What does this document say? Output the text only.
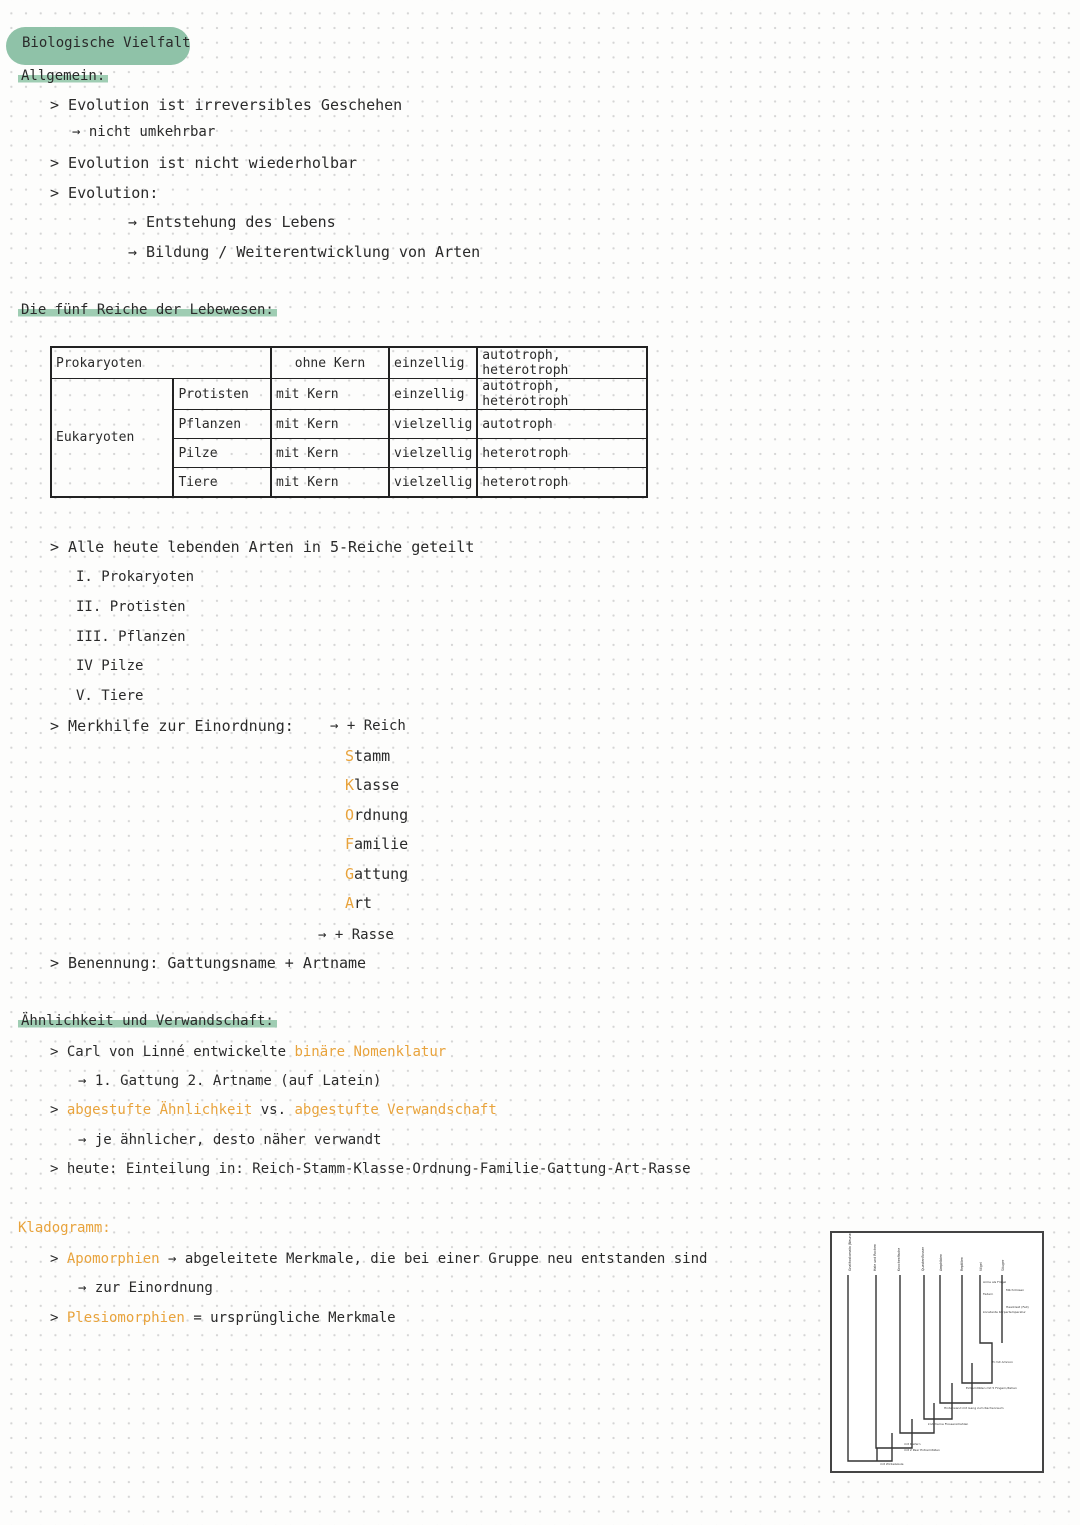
Biologische Vielfalt
Allgemein:
> Evolution ist irreversibles Geschehen
→ nicht umkehrbar
> Evolution ist nicht wiederholbar
> Evolution:
→ Entstehung des Lebens
→ Bildung / Weiterentwicklung von Arten
Die fünf Reiche der Lebewesen:
Prokaryoten		ohne Kern	einzellig	autotroph, heterotroph
Eukaryoten	Protisten	mit Kern	einzellig	autotroph, heterotroph
	Pflanzen	mit Kern	vielzellig	autotroph
	Pilze	mit Kern	vielzellig	heterotroph
	Tiere	mit Kern	vielzellig	heterotroph
> Alle heute lebenden Arten in 5-Reiche geteilt
I. Prokaryoten
II. Protisten
III. Pflanzen
IV Pilze
V. Tiere
> Merkhilfe zur Einordnung:	→ + Reich
Stamm
Klasse
Ordnung
Familie
Gattung
Art
→ + Rasse
> Benennung: Gattungsname + Artname
Ähnlichkeit und Verwandschaft:
> Carl von Linné entwickelte binäre Nomenklatur
→ 1. Gattung 2. Artname (auf Latein)
> abgestufte Ähnlichkeit vs. abgestufte Verwandschaft
→ je ähnlicher, desto näher verwandt
> heute: Einteilung in: Reich-Stamm-Klasse-Ordnung-Familie-Gattung-Art-Rasse
Kladogramm:
> Apomorphien → abgeleitete Merkmale, die bei einer Gruppe neu entstanden sind
→ zur Einordnung
> Plesiomorphien = ursprüngliche Merkmale
Gnathostomata (Neunaugen)	Haie und Rochen	Knochenfische	Quastenflosser	Amphibien	Reptilien	Vögel	Säuger
mit Wirbelsäule
mit Kiefern
mit 2 Paar Extremitäten
knöcherne Flossenstrahlen
Hinterwand mit Gang zum Rachenraum
Extremitäten mit 5 Fingern/Zehen
Ei mit Amnion
Arme als Flügel
Federn
konstante Körpertemperatur
Milchdrüsen
Haarkleid (Fell)
